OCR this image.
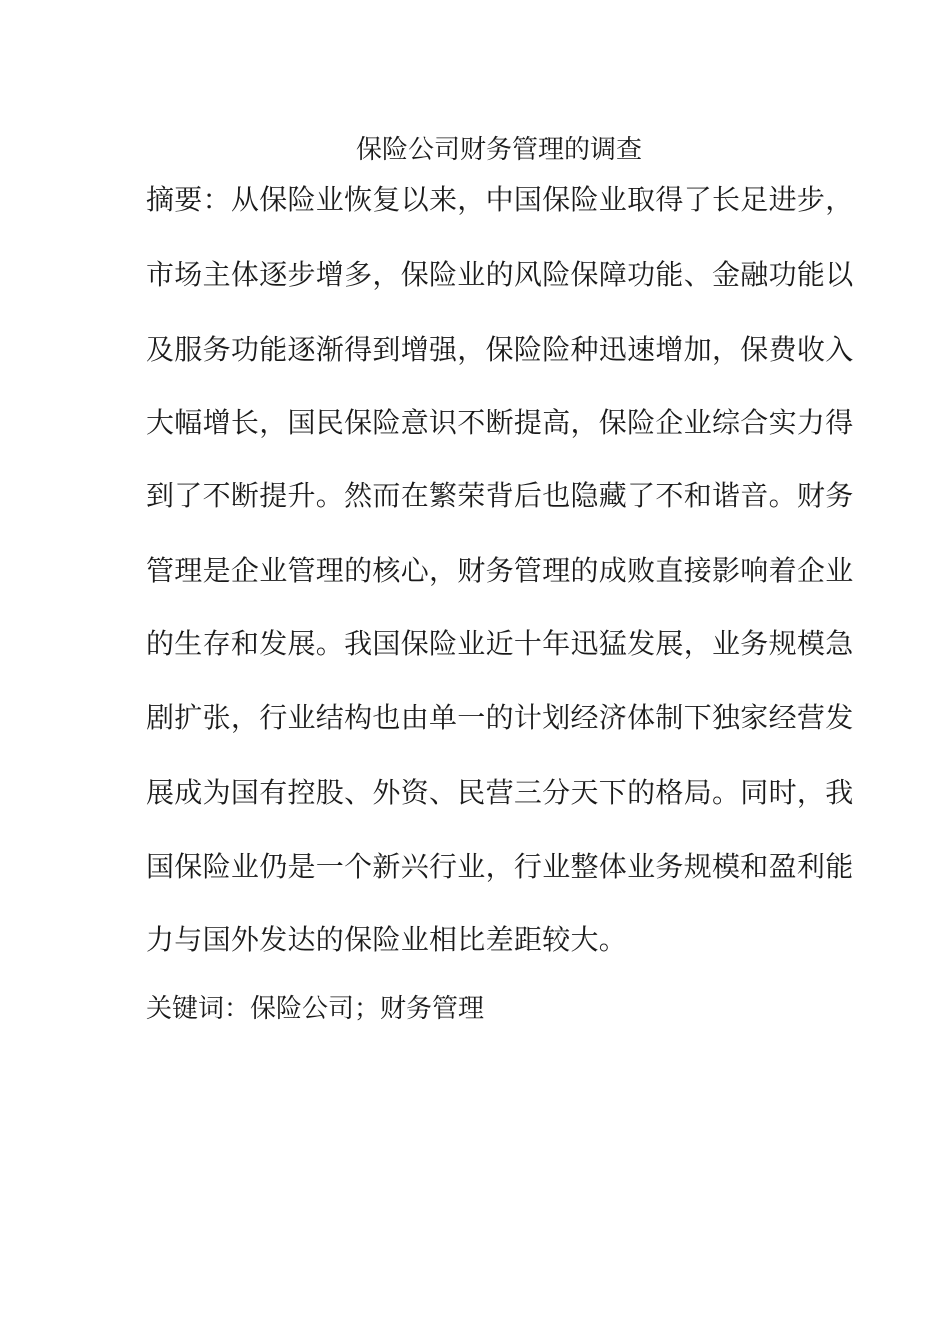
保险公司财务管理的调查
摘要：从保险业恢复以来，中国保险业取得了长足进步，
市场主体逐步增多，保险业的风险保障功能、金融功能以
及服务功能逐渐得到增强，保险险种迅速增加，保费收入
大幅增长，国民保险意识不断提高，保险企业综合实力得
到了不断提升。然而在繁荣背后也隐藏了不和谐音。财务
管理是企业管理的核心，财务管理的成败直接影响着企业
的生存和发展。我国保险业近十年迅猛发展，业务规模急
剧扩张，行业结构也由单一的计划经济体制下独家经营发
展成为国有控股、外资、民营三分天下的格局。同时，我
国保险业仍是一个新兴行业，行业整体业务规模和盈利能
力与国外发达的保险业相比差距较大。
关键词：保险公司；财务管理
